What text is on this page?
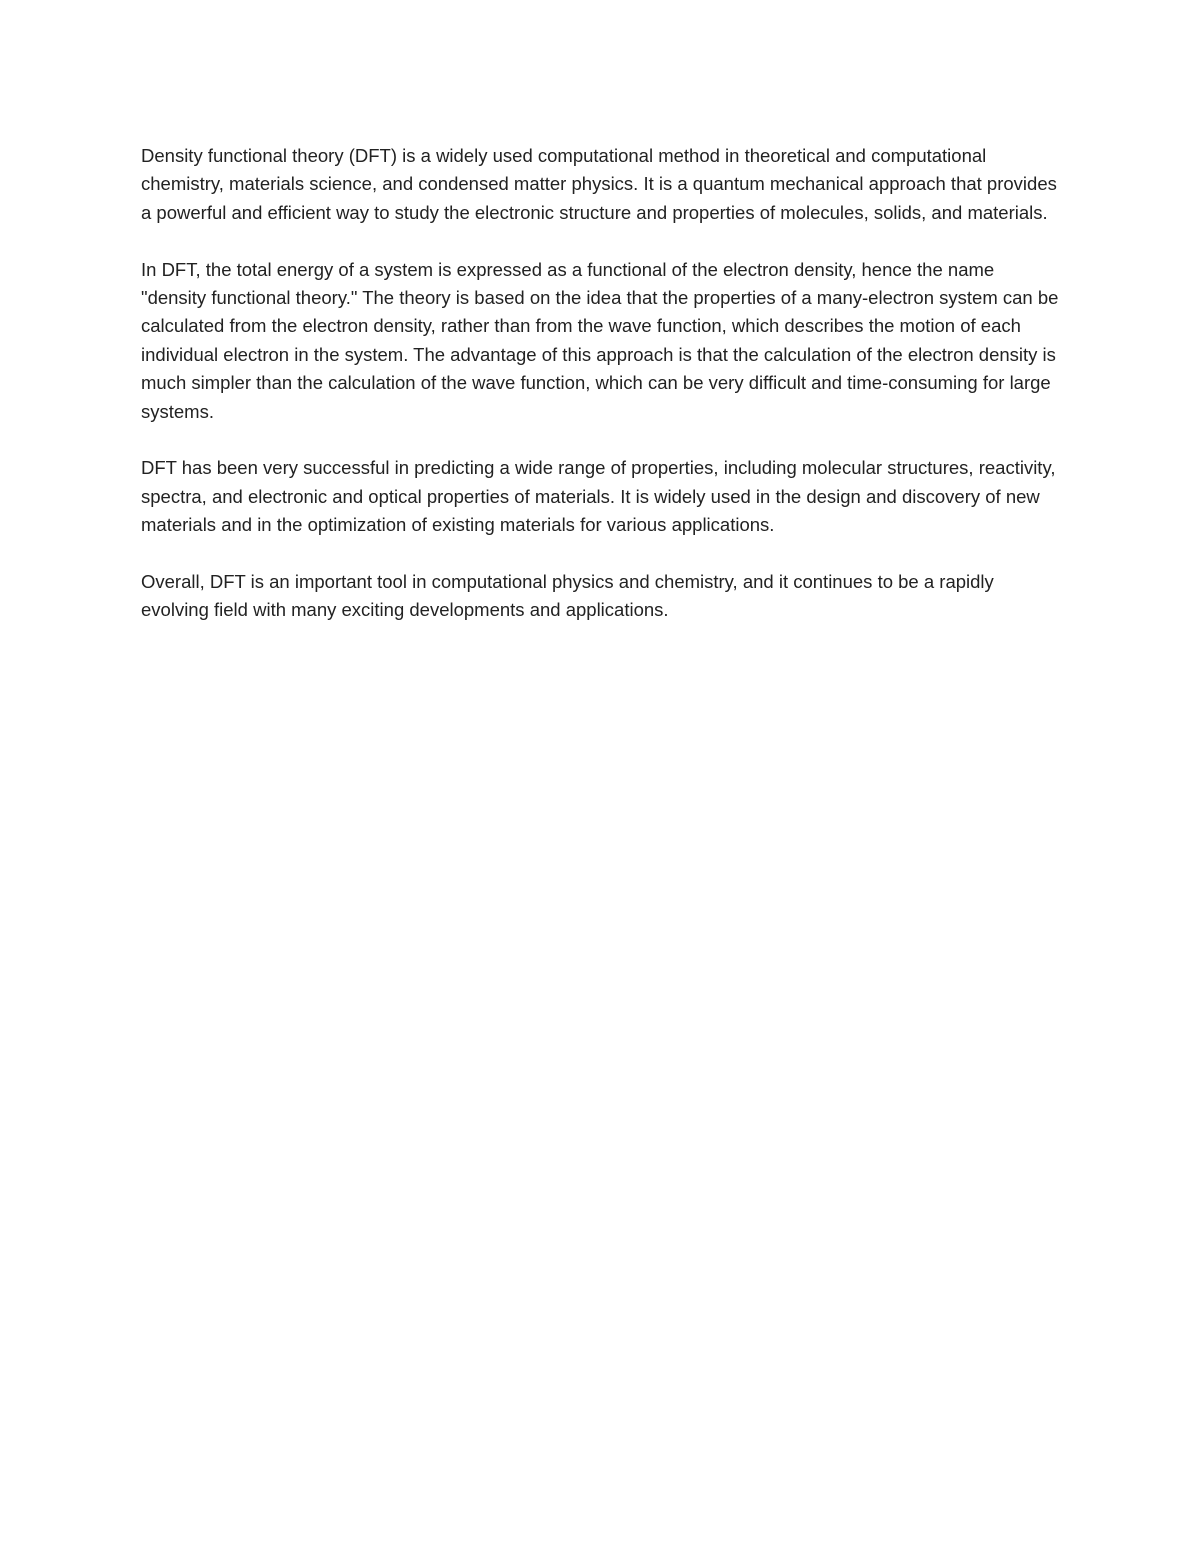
Density functional theory (DFT) is a widely used computational method in theoretical and computational chemistry, materials science, and condensed matter physics. It is a quantum mechanical approach that provides a powerful and efficient way to study the electronic structure and properties of molecules, solids, and materials.

In DFT, the total energy of a system is expressed as a functional of the electron density, hence the name "density functional theory." The theory is based on the idea that the properties of a many-electron system can be calculated from the electron density, rather than from the wave function, which describes the motion of each individual electron in the system. The advantage of this approach is that the calculation of the electron density is much simpler than the calculation of the wave function, which can be very difficult and time-consuming for large systems.

DFT has been very successful in predicting a wide range of properties, including molecular structures, reactivity, spectra, and electronic and optical properties of materials. It is widely used in the design and discovery of new materials and in the optimization of existing materials for various applications.

Overall, DFT is an important tool in computational physics and chemistry, and it continues to be a rapidly evolving field with many exciting developments and applications.
